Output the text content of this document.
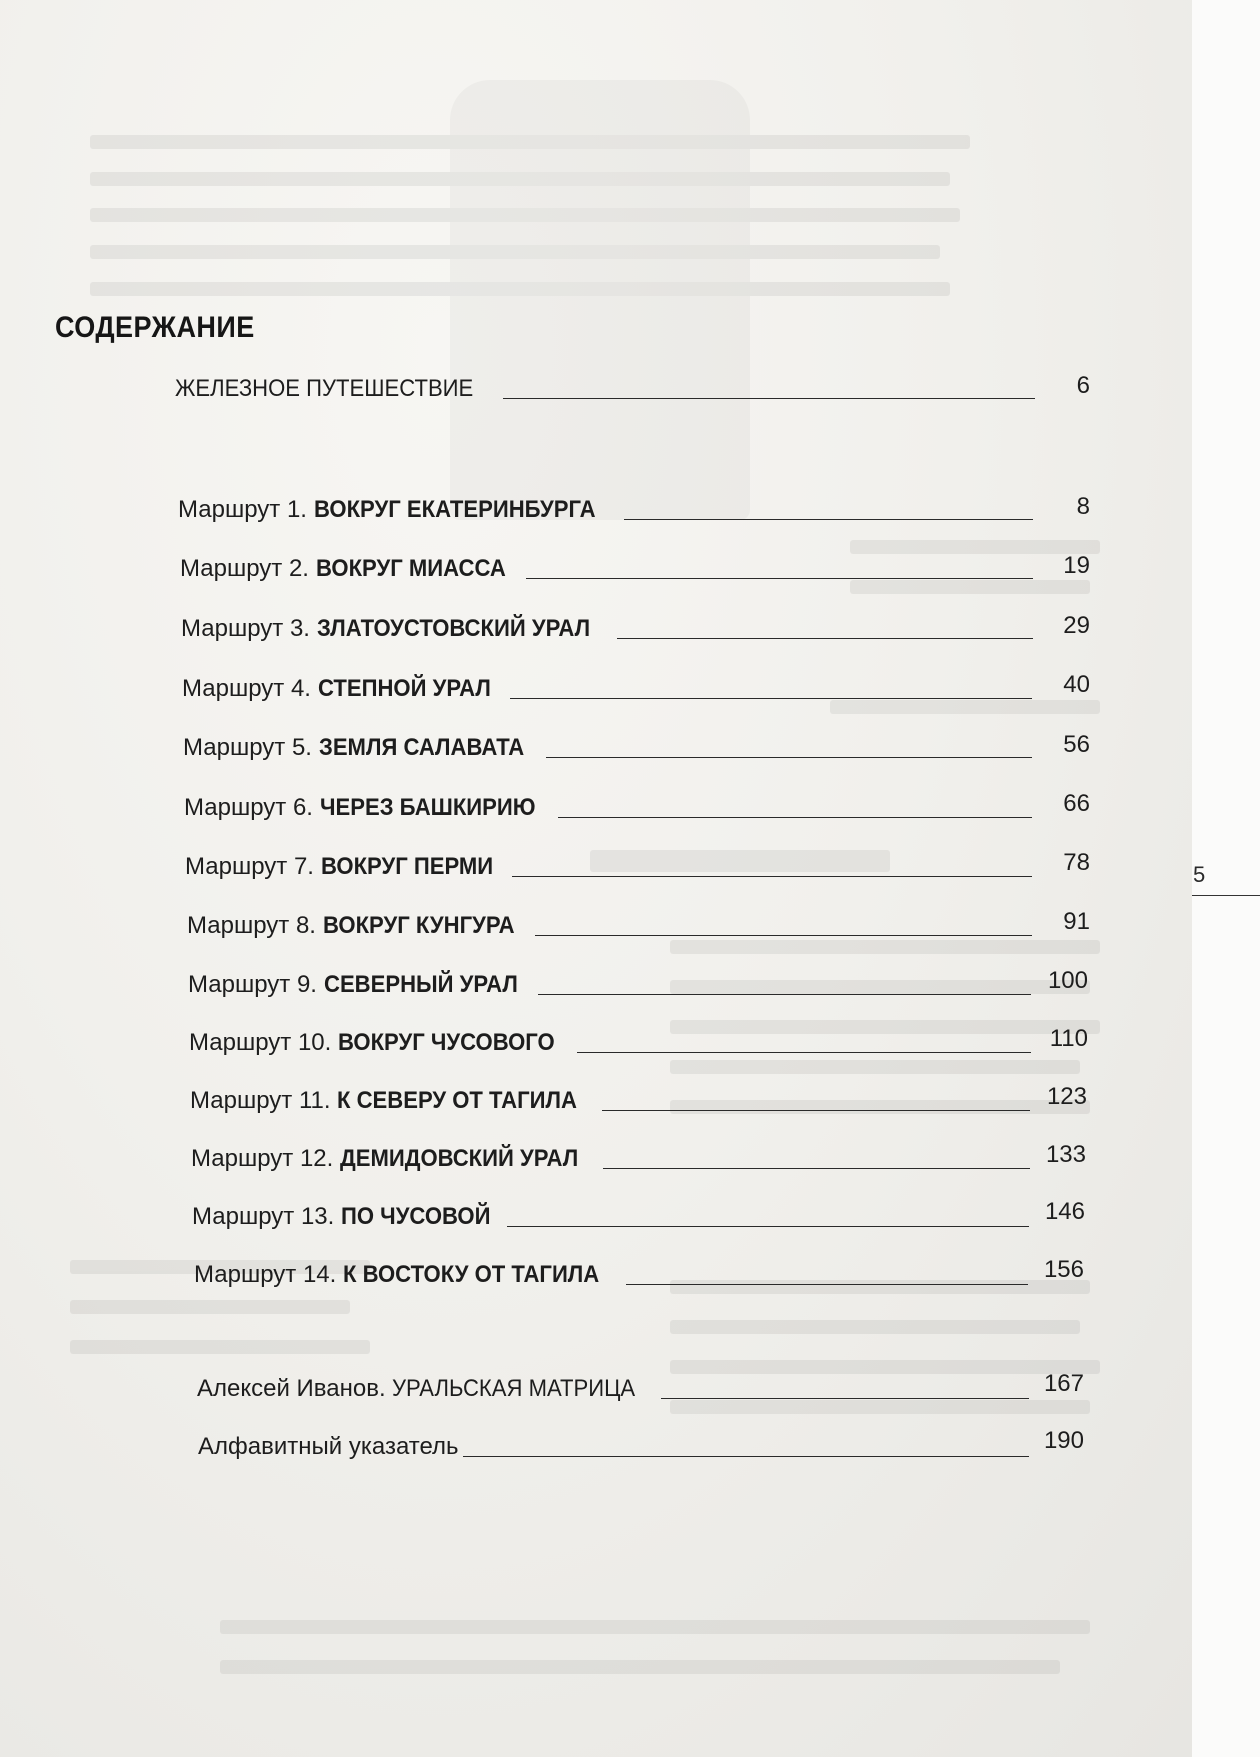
5
СОДЕРЖАНИЕ
ЖЕЛЕЗНОЕ ПУТЕШЕСТВИЕ	6
Маршрут 1. ВОКРУГ ЕКАТЕРИНБУРГА	8
Маршрут 2. ВОКРУГ МИАССА	19
Маршрут 3. ЗЛАТОУСТОВСКИЙ УРАЛ	29
Маршрут 4. СТЕПНОЙ УРАЛ	40
Маршрут 5. ЗЕМЛЯ САЛАВАТА	56
Маршрут 6. ЧЕРЕЗ БАШКИРИЮ	66
Маршрут 7. ВОКРУГ ПЕРМИ	78
Маршрут 8. ВОКРУГ КУНГУРА	91
Маршрут 9. СЕВЕРНЫЙ УРАЛ	100
Маршрут 10. ВОКРУГ ЧУСОВОГО	110
Маршрут 11. К СЕВЕРУ ОТ ТАГИЛА	123
Маршрут 12. ДЕМИДОВСКИЙ УРАЛ	133
Маршрут 13. ПО ЧУСОВОЙ	146
Маршрут 14. К ВОСТОКУ ОТ ТАГИЛА	156
Алексей Иванов. УРАЛЬСКАЯ МАТРИЦА	167
Алфавитный указатель	190
